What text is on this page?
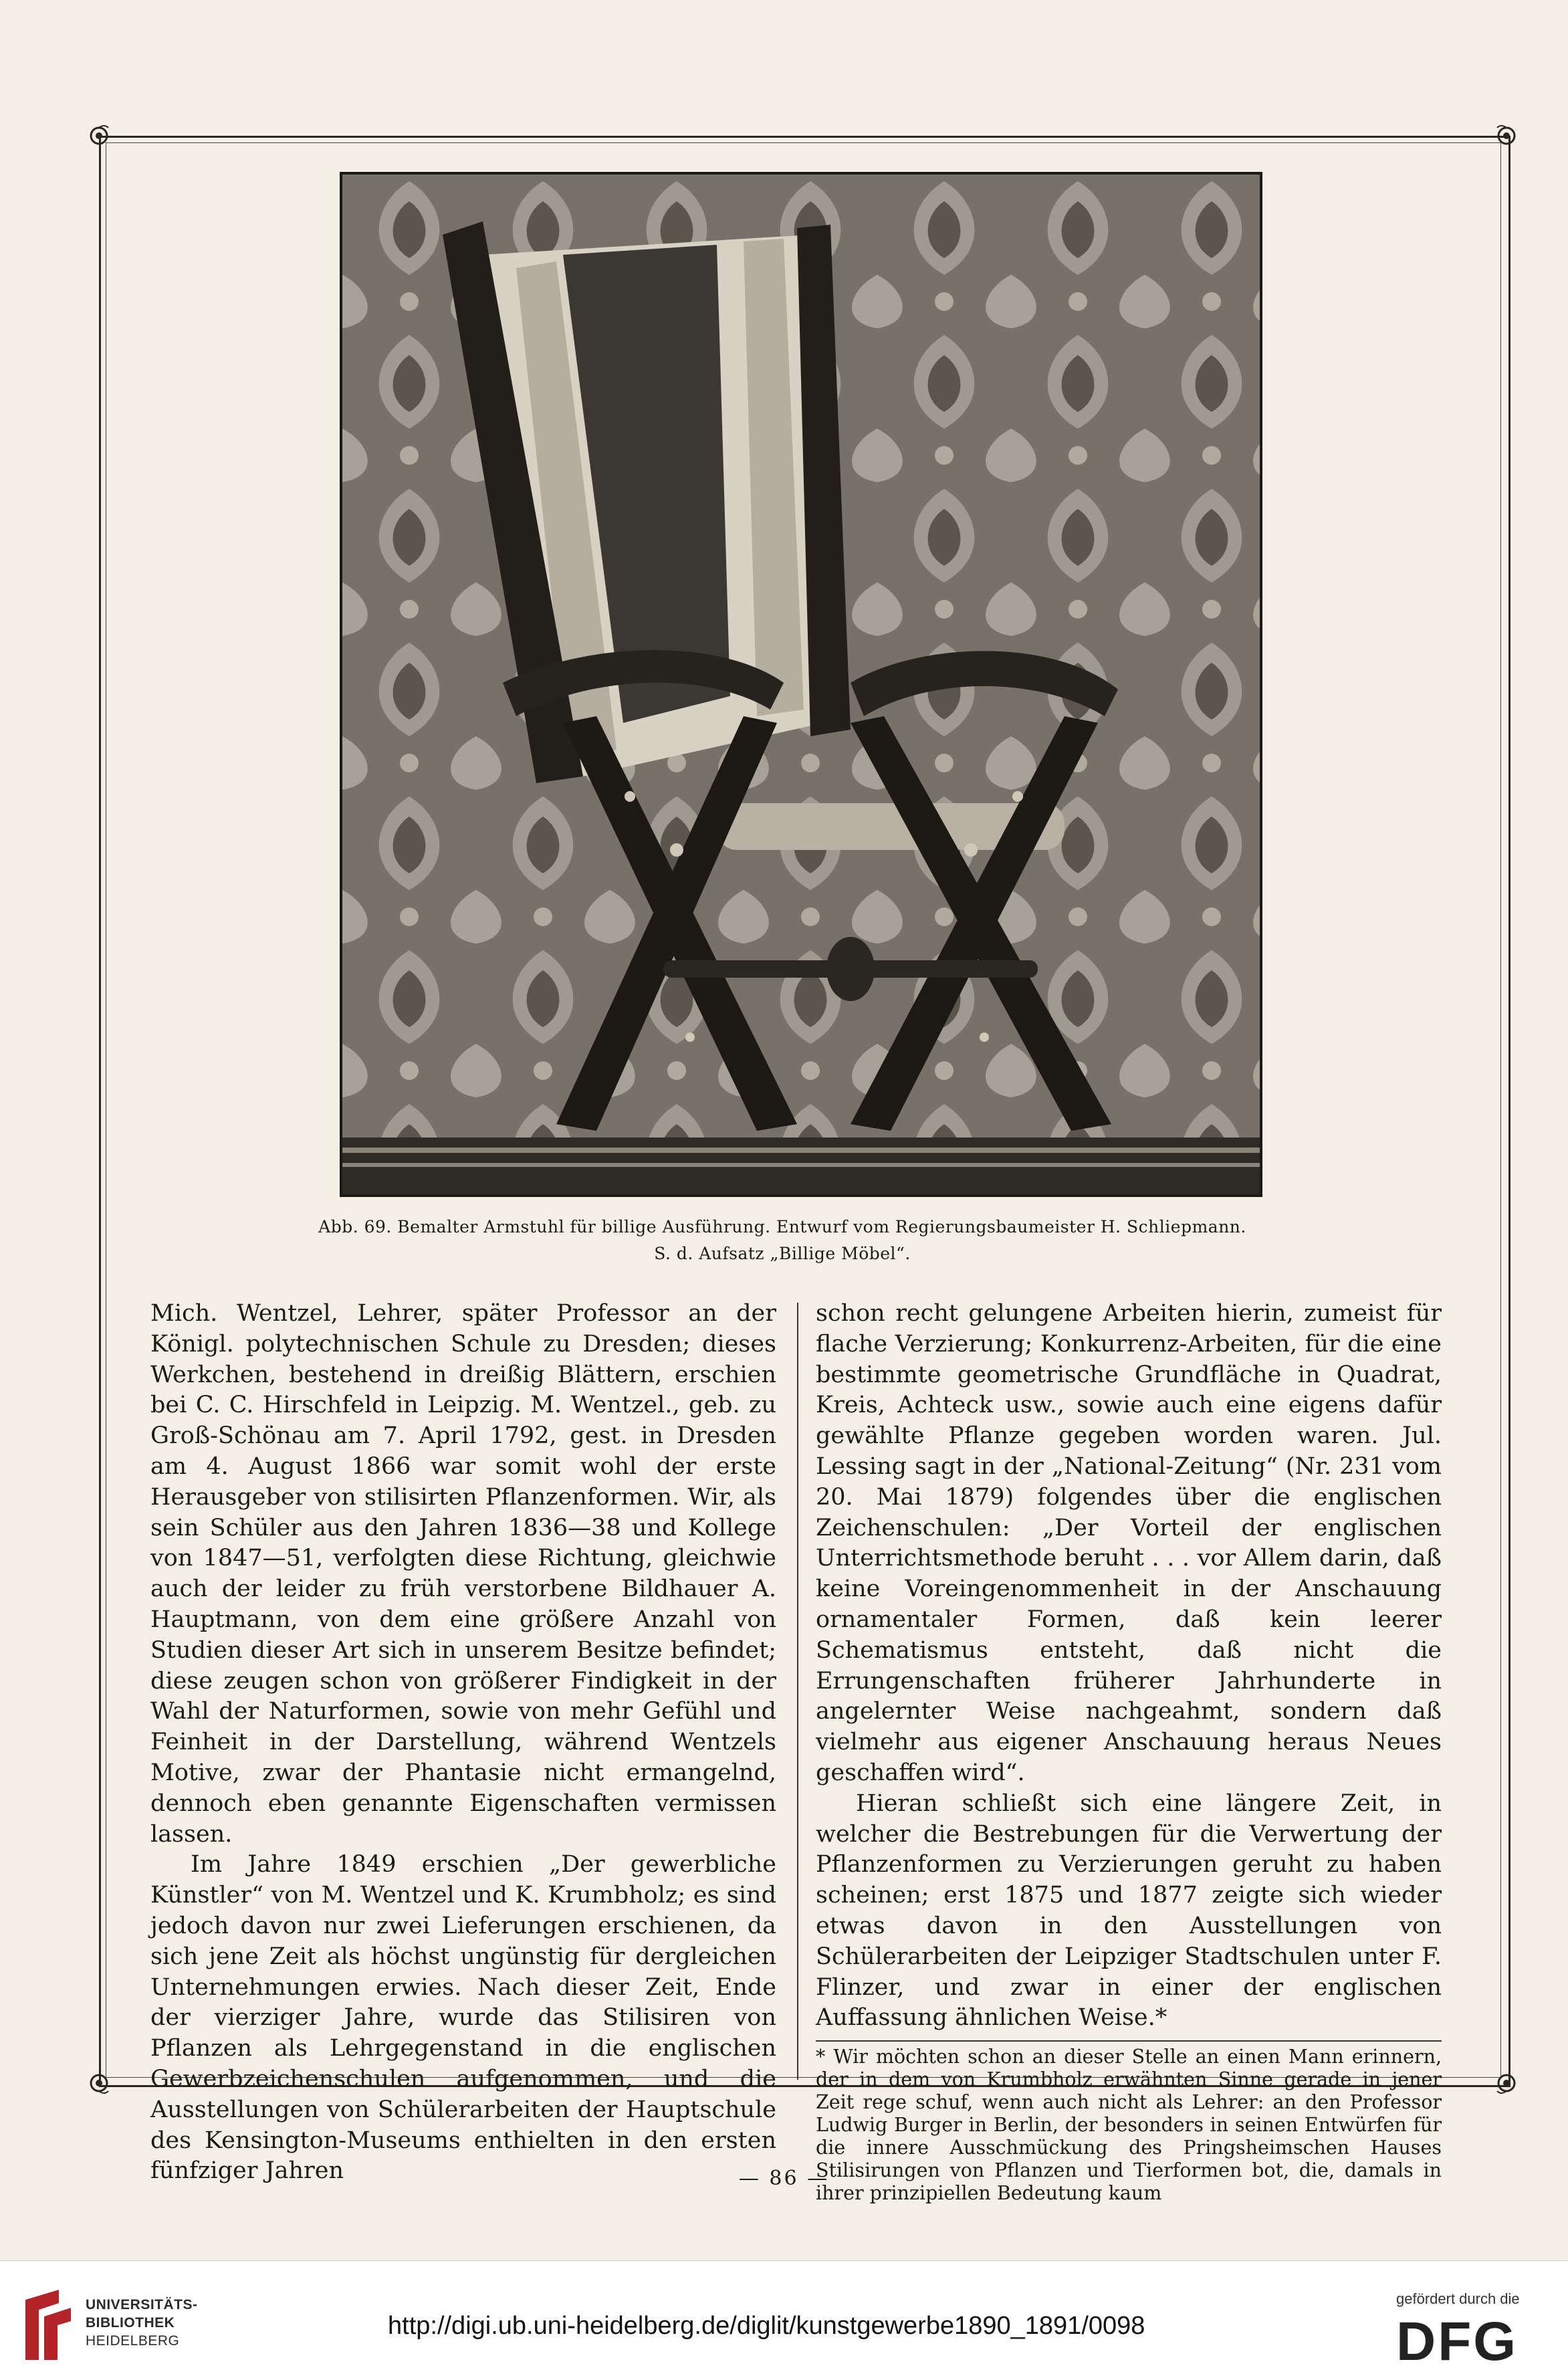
Abb. 69. Bemalter Armstuhl für billige Ausführung. Entwurf vom Regierungsbaumeister H. Schliepmann.
S. d. Aufsatz „Billige Möbel“.

Mich. Wentzel, Lehrer, später Professor an der Königl. polytechnischen Schule zu Dresden; dieses Werkchen, bestehend in dreißig Blättern, erschien bei C. C. Hirschfeld in Leipzig. M. Wentzel., geb. zu Groß-Schönau am 7. April 1792, gest. in Dresden am 4. August 1866 war somit wohl der erste Herausgeber von stilisirten Pflanzenformen. Wir, als sein Schüler aus den Jahren 1836—38 und Kollege von 1847—51, verfolgten diese Richtung, gleichwie auch der leider zu früh verstorbene Bildhauer A. Hauptmann, von dem eine größere Anzahl von Studien dieser Art sich in unserem Besitze befindet; diese zeugen schon von größerer Findigkeit in der Wahl der Naturformen, sowie von mehr Gefühl und Feinheit in der Darstellung, während Wentzels Motive, zwar der Phantasie nicht ermangelnd, dennoch eben genannte Eigenschaften vermissen lassen.

Im Jahre 1849 erschien „Der gewerbliche Künstler“ von M. Wentzel und K. Krumbholz; es sind jedoch davon nur zwei Lieferungen erschienen, da sich jene Zeit als höchst ungünstig für dergleichen Unternehmungen erwies. Nach dieser Zeit, Ende der vierziger Jahre, wurde das Stilisiren von Pflanzen als Lehrgegenstand in die englischen Gewerbzeichenschulen aufgenommen, und die Ausstellungen von Schülerarbeiten der Hauptschule des Kensington-Museums enthielten in den ersten fünfziger Jahren

schon recht gelungene Arbeiten hierin, zumeist für flache Verzierung; Konkurrenz-Arbeiten, für die eine bestimmte geometrische Grundfläche in Quadrat, Kreis, Achteck usw., sowie auch eine eigens dafür gewählte Pflanze gegeben worden waren. Jul. Lessing sagt in der „National-Zeitung“ (Nr. 231 vom 20. Mai 1879) folgendes über die englischen Zeichenschulen: „Der Vorteil der englischen Unterrichtsmethode beruht . . . vor Allem darin, daß keine Voreingenommenheit in der Anschauung ornamentaler Formen, daß kein leerer Schematismus entsteht, daß nicht die Errungenschaften früherer Jahrhunderte in angelernter Weise nachgeahmt, sondern daß vielmehr aus eigener Anschauung heraus Neues geschaffen wird“.

Hieran schließt sich eine längere Zeit, in welcher die Bestrebungen für die Verwertung der Pflanzenformen zu Verzierungen geruht zu haben scheinen; erst 1875 und 1877 zeigte sich wieder etwas davon in den Ausstellungen von Schülerarbeiten der Leipziger Stadtschulen unter F. Flinzer, und zwar in einer der englischen Auffassung ähnlichen Weise.*

* Wir möchten schon an dieser Stelle an einen Mann erinnern, der in dem von Krumbholz erwähnten Sinne gerade in jener Zeit rege schuf, wenn auch nicht als Lehrer: an den Professor Ludwig Burger in Berlin, der besonders in seinen Entwürfen für die innere Ausschmückung des Pringsheimschen Hauses Stilisirungen von Pflanzen und Tierformen bot, die, damals in ihrer prinzipiellen Bedeutung kaum
— 86 —
UNIVERSITÄTS-
BIBLIOTHEK
HEIDELBERG
http://digi.ub.uni-heidelberg.de/diglit/kunstgewerbe1890_1891/0098
gefördert durch die
DFG
